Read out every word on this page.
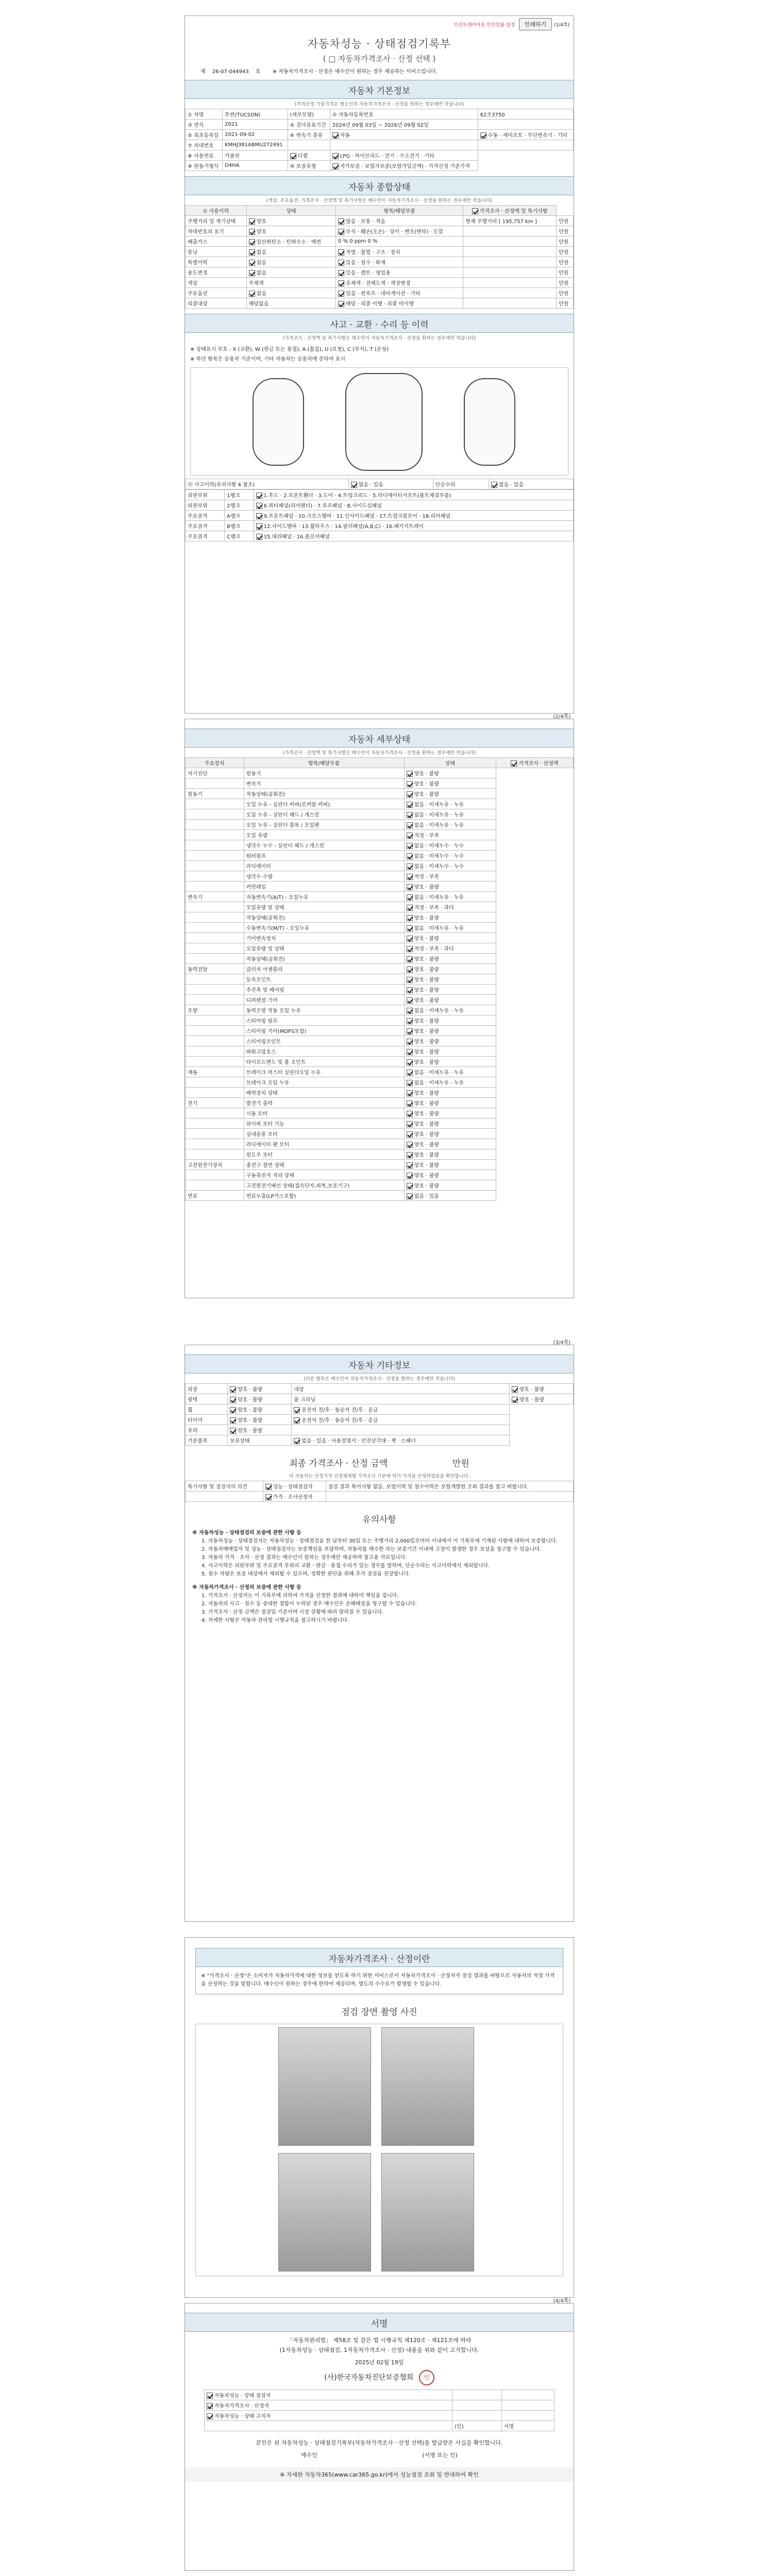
프린트레이아웃 안보임률 설정 인쇄하기 (1/4쪽)
자동차성능 · 상태점검기록부
( □ 자동차가격조사 · 산정 선택 )
제 26-07-044943 호 ※ 자동차가격조사 · 산정은 매수인이 원하는 경우 제공하는 서비스입니다.
자동차 기본정보
(가격산정 가중가격은 평소인의 자동차가격조사 · 산정을 원하는 경우에만 작습니다)
① 차명	투싼(TUCSON)	(세부모델)	② 자동차등록번호	62조3750
③ 연식	2021	④ 검사유효기간	2024년 09월 03일 ~ 2026년 09월 02일	
⑤ 최초등록일	2021-09-02	⑥ 변속기 종류	자동	수동 · 세미오토 · 무단변속기 · 기타
⑦ 차대번호	KMHJ381ABMU272491			
⑧ 사용연료	가솔린	디젤	LPG · 하이브리드 · 전기 · 수소전기 · 기타	
⑨ 원동기형식	D4HA	⑩ 보증유형	자가보증 · 보험사보증(보험가입금액) · 가격산정 기준가격	
자동차 종합상태
(색상, 주요옵션, 가격조사 · 산정액 및 특기사항은 매수인이 자동차가격조사 · 산정을 원하는 경우에만 작습니다)
① 사용이력	상태	항목/해당부품	가격조사 · 산정액 및 특기사항	
주행거리 및 계기상태	양호	많음 · 보통 · 적음	현재 주행거리 [ 195,757 km ]	만원
차대번호의 표기	양호	부식 · 훼손(오손) · 상이 · 변조(변타) · 도말		만원
배출가스	일산화탄소 · 탄화수소 · 매연	0 % 0 ppm 0 %		만원
튜닝	없음	적법 · 불법 · 구조 · 장치		만원
특별이력	없음	있음 · 침수 · 화재		만원
용도변경	없음	있음 · 렌트 · 영업용		만원
색상	무채색	유채색 · 전체도색 · 색상변경		만원
주요옵션	없음	있음 · 썬루프 · 네비게이션 · 기타		만원
리콜대상	해당없음	해당 · 리콜 이행 · 리콜 미이행		만원
사고 · 교환 · 수리 등 이력
(가격조사 · 산정액 및 특기사항은 매수인이 자동차가격조사 · 산정을 원하는 경우에만 작습니다)
※ 상태표시 부호 : X (교환), W (판금 또는 용접), A (흠집), U (요철), C (부식), T (손상)
※ 하단 항목은 승용차 기준이며, 기타 자동차는 승용차에 준하여 표시
⑪ 사고이력(유의사항 4 참조)	없음 · 있음	단순수리	없음 · 있음
외판부위	1랭크	1.후드 · 2.프론트휀더 · 3.도어 · 4.트렁크리드 · 5.라디에이터서포트(볼트체결부품)
외판부위	2랭크	6.쿼터패널(리어펜더) · 7.루프패널 · 8.사이드실패널
주요골격	A랭크	9.프론트패널 · 10.크로스멤버 · 11.인사이드패널 · 17.트렁크플로어 · 18.리어패널
주요골격	B랭크	12.사이드멤버 · 13.휠하우스 · 14.필러패널(A,B,C) · 16.패키지트레이
주요골격	C랭크	15.대쉬패널 · 16.플로어패널
(2/4쪽)
자동차 세부상태
(가격조사 · 산정액 및 특기사항은 매수인이 자동차가격조사 · 산정을 원하는 경우에만 작습니다)
주요장치	항목/해당부품	상태	가격조사 · 산정액
자기진단	원동기	양호 · 불량	
	변속기	양호 · 불량	
원동기	작동상태(공회전)	양호 · 불량	
	오일 누유 - 실린더 커버(로커암 커버)	없음 · 미세누유 · 누유	
	오일 누유 - 실린더 헤드 / 개스킷	없음 · 미세누유 · 누유	
	오일 누유 - 실린더 블록 / 오일팬	없음 · 미세누유 · 누유	
	오일 유량	적정 · 부족	
	냉각수 누수 - 실린더 헤드 / 개스킷	없음 · 미세누수 · 누수	
	워터펌프	없음 · 미세누수 · 누수	
	라디에이터	없음 · 미세누수 · 누수	
	냉각수 수량	적정 · 부족	
	커먼레일	양호 · 불량	
변속기	자동변속기(A/T) - 오일누유	없음 · 미세누유 · 누유	
	오일유량 및 상태	적정 · 부족 · 과다	
	작동상태(공회전)	양호 · 불량	
	수동변속기(M/T) - 오일누유	없음 · 미세누유 · 누유	
	기어변속장치	양호 · 불량	
	오일유량 및 상태	적정 · 부족 · 과다	
	작동상태(공회전)	양호 · 불량	
동력전달	클러치 어셈블리	양호 · 불량	
	등속조인트	양호 · 불량	
	추진축 및 베어링	양호 · 불량	
	디퍼렌셜 기어	양호 · 불량	
조향	동력조향 작동 오일 누유	없음 · 미세누유 · 누유	
	스티어링 펌프	양호 · 불량	
	스티어링 기어(MDPS포함)	양호 · 불량	
	스티어링조인트	양호 · 불량	
	파워고압호스	양호 · 불량	
	타이로드엔드 및 볼 조인트	양호 · 불량	
제동	브레이크 마스터 실린더오일 누유	없음 · 미세누유 · 누유	
	브레이크 오일 누유	없음 · 미세누유 · 누유	
	배력장치 상태	양호 · 불량	
전기	발전기 출력	양호 · 불량	
	시동 모터	양호 · 불량	
	와이퍼 모터 기능	양호 · 불량	
	실내송풍 모터	양호 · 불량	
	라디에이터 팬 모터	양호 · 불량	
	윈도우 모터	양호 · 불량	
고전원전기장치	충전구 절연 상태	양호 · 불량	
	구동축전지 격리 상태	양호 · 불량	
	고전원전기배선 상태(접속단자,피복,보호기구)	양호 · 불량	
연료	연료누출(LP가스포함)	없음 · 있음	
(3/4쪽)
자동차 기타정보
(다른 항목은 매수인이 자동차가격조사 · 산정을 원하는 경우에만 작습니다)
외장	양호 · 불량	내장	양호 · 불량
광택	양호 · 불량	룸 크리닝	양호 · 불량
휠	양호 · 불량	운전석 전/후 · 동승석 전/후 · 응급	
타이어	양호 · 불량	운전석 전/후 · 동승석 전/후 · 응급	
유리	양호 · 불량		
기본품목	보유상태	없음 · 있음 · 사용설명서 · 안전삼각대 · 잭 · 스패너	
최종 가격조사 · 산정 금액	만원
이 자동차는 산정가격 산정체계별 가격조사 기준에 의거 가격을 산정하였음을 확인합니다.
특기사항 및 점검자의 의견	성능 · 상태점검자	점검 결과 특이사항 없음. 보험이력 및 침수이력은 보험개발원 조회 결과를 참고 바랍니다.
	가격 · 조사산정자	
유의사항
※ 자동차성능 · 상태점검의 보증에 관한 사항 등
1. 자동차성능 · 상태점검자는 자동차성능 · 상태점검을 한 날부터 30일 또는 주행거리 2,000킬로미터 이내에서 이 기록부에 기재된 사항에 대하여 보증합니다.
2. 자동차매매업자 및 성능 · 상태점검자는 보증책임을 부담하며, 자동차를 매수한 자는 보증기간 이내에 고장이 발생한 경우 보상을 청구할 수 있습니다.
3. 자동차 가격 · 조사 · 산정 결과는 매수인이 원하는 경우에만 제공하며 참고용 자료입니다.
4. 사고이력은 외판부위 및 주요골격 부위의 교환 · 판금 · 용접 수리가 있는 경우를 말하며, 단순수리는 사고이력에서 제외합니다.
5. 침수 차량은 보증 대상에서 제외될 수 있으며, 정확한 판단을 위해 추가 점검을 권장합니다.
※ 자동차가격조사 · 산정의 보증에 관한 사항 등
1. 가격조사 · 산정자는 이 기록부에 의하여 가격을 산정한 결과에 대하여 책임을 집니다.
2. 자동차의 사고 · 침수 등 중대한 결함이 누락된 경우 매수인은 손해배상을 청구할 수 있습니다.
3. 가격조사 · 산정 금액은 점검일 기준이며 시장 상황에 따라 달라질 수 있습니다.
4. 자세한 사항은 자동차 관리법 시행규칙을 참고하시기 바랍니다.
자동차가격조사 · 산정이란
※ "가격조사 · 산정"은 소비자가 자동차가격에 대한 정보를 얻도록 하기 위한 서비스로서 자동차가격조사 · 산정자가 점검 결과를 바탕으로 자동차의 적정 가격을 산정하는 것을 말합니다. 매수인이 원하는 경우에 한하여 제공되며, 별도의 수수료가 발생할 수 있습니다.
점검 장면 촬영 사진
(4/4쪽)
서명
「자동차관리법」 제58조 및 같은 법 시행규칙 제120조 · 제121조에 따라
(1자동차성능 · 상태점검, 1자동차가격조사 · 산정) 내용을 위와 같이 고지합니다.
2025년 02월 19일
(사)한국자동차진단보증협회 인
자동차성능 · 상태 점검자		
자동차가격조사 · 산정자		
자동차성능 · 상태 고지자		
	(인)	서명
본인은 위 자동차성능 · 상태점검기록부(자동차가격조사 · 산정 선택)를 발급받은 사실을 확인합니다.
매수인	(서명 또는 인)
※ 자세한 자동차365(www.car365.go.kr)에서 성능점검 조회 및 반대하여 확인
